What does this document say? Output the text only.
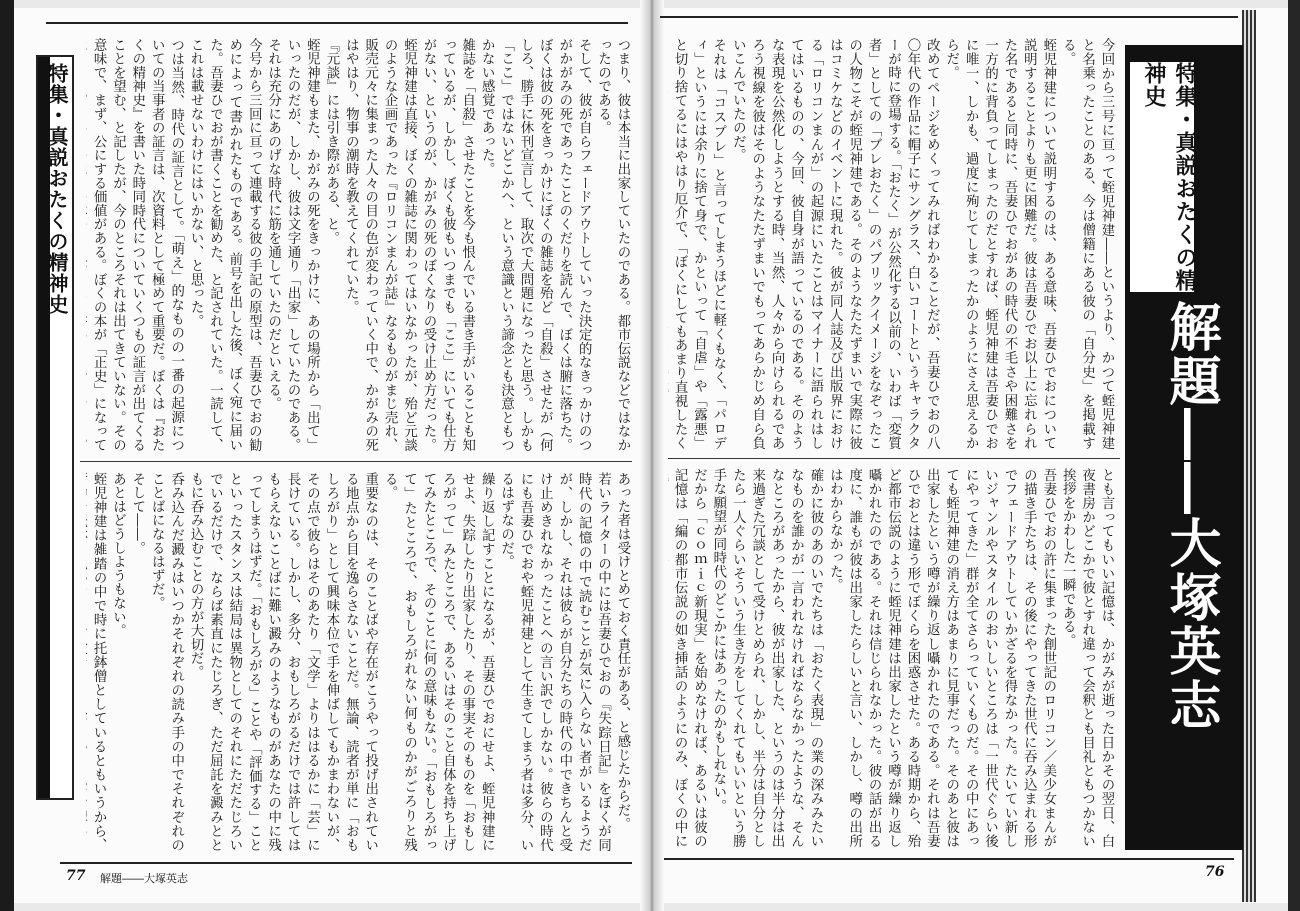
特集・真説おたくの精神史	つまり、彼は本当に出家していたのである。都市伝説などではなかったのである。
そして、彼が自らフェードアウトしていった決定的なきっかけのつがかがみの死であったことのくだりを読んで、ぼくは腑に落ちた。
ぼくは彼の死をきっかけにぼくの雑誌を殆ど「自殺」させたが（何しろ、勝手に休刊宣言して、取次で大問題になったと思う。しかも「ここ」ではないどこかへ、という意識という諦念とも決意ともつかない感覚であった。
雑誌を「自殺」させたことを今も恨んでいる書き手がいることも知っているが、しかし、ぼくも彼もいつまでも「ここ」にいても仕方がない、というのが、かがみの死のぼくなりの受け止め方だった。
蛭児神建は直接、ぼくの雑誌に関わってはいなかったが、殆ど元談のような企画であった『ロリコンまんが誌』なるものがまじ売れ、販売元々に集まった人々の目の色が変わっていく中で、かがみの死はやはり、物事の潮時を教えてくれていた。
『元談』には引き際がある、と。
蛭児神建もまた、かがみの死をきっかけに、あの場所から「出て」いったのだが、しかし、彼は文字通り「出家」していたのである。それは充分にあのげな時代に筋を通していたのだといえる。
今号から三回に亘って連載する彼の手記の原型は、吾妻ひでおの勧めによって書かれたものである。前号を出した後、ぼく宛に届いた。吾妻ひでおが書くことを勧めた、と記されていた。一読して、これは載せないわけにはいかない、と思った。
つは当然、時代の証言として。「萌え」的なものの一番の起源についての当事者の証言は、次資料として極めて重要だ。ぼくは『おたくの精神史』を書いた時同時代についていくつもの証言が出てくることを望む、と記したが、今のところそれは出てきていない。その意味で、まず、公にする価値がある。ぼくの本が「正史」になって

あった者は受けとめておく責任がある、と感じたからだ。
若いライターの中には吾妻ひでおの『失踪日記』をぼくが同時代の記憶の中で読むことが気に入らない者がいるようだが、しかし、それは彼らが自分たちの時代の中できちんと受け止めきれなかったことへの言い訳でしかない。彼らの時代にも吾妻ひでおや蛭児神建として生きてしまう者は多分、いるはずなのだ。
繰り返し記すことになるが、吾妻ひでおにせよ、蛭児神建にせよ、失踪したり出家したり、その事実そのものを「おもしろがって」みたところで、あるいはそのこと自体を持ち上げてみたところで、そのことに何の意味もない。「おもしろがって」たところで、おもしろがれない何ものかがごろりと残る。
重要なのは、そのことばや存在がこうやって投げ出されている地点から目を逸らさないことだ。無論、読者が単に「おもしろがり」として興味本位で手を伸ばしてもかまわないが、その点で彼らはそのあたり「文学」よりははるかに「芸」に長けている。しかし、多分、おもしろがるだけでは許してはもらえないことばに難い澱みのようなものがあなたの中に残ってしまうはずだ。「おもしろがる」ことや「評価する」ことといったスタンスは結局は異物としてのそれにただたじろいでいるだけで、ならば素直にたじろぎ、ただ屈託を澱みとともに呑み込むことの方が大切だ。
呑み込んだ澱みはいつかそれぞれの読み手の中でそれぞれのことばになるはずだ。
そして――。
あとはどうしようもない。
蛭児神建は雑踏の中で時に托鉢僧としているともいうから、

77 解題――大塚英志
今回から三号に亘って蛭児神建――というより、かつて蛭児神建と名乗ったことのある、今は僧籍にある彼の「自分史」を掲載する。
蛭児神建について説明するのは、ある意味、吾妻ひでおについて説明することよりも更に困難だ。彼は吾妻ひでお以上に忘れられた名であると同時に、吾妻ひでおがあの時代の不毛さや困難さを一方的に背負ってしまったのだとすれば、蛭児神建は吾妻ひでおに唯一、しかも、過度に殉じてしまったかのようにさえ思えるからだ。
改めてページをめくってみればわかることだが、吾妻ひでおの八〇年代の作品に帽子にサングラス、白いコートというキャラクターが時に登場する。「おたく」が公然化する以前の、いわば「変質者」としての「ブレおたく」のパブリックイメージをなぞったこの人物こそが蛭児神建である。そのようなたたずまいで実際に彼はコミケなどのイベントに現れた。彼が同人誌及び出版界における「ロリコンまんが」の起源にいたことはマイナーに語られはしてはいるものの、今回、彼自身が語っているのである。そのような表現を公然化しようとする時、当然、人々から向けられるであろう視線を彼はそのようなたたずまいでもってあらかじめ自ら負いこんでいたのだ。
それは「コスプレ」と言ってしまうほどに軽くもなく、「パロディ」というには余りに捨て身で、かといって「自虐」や「露悪」と切り捨てるにはやはり厄介で、「ぼくにしてもあまり直視したく
とも言ってもいい記憶は、かがみが逝った日かその翌日、白夜書房かどこかで彼とすれ違って会釈とも目礼ともつかない挨拶をかわした一瞬である。
吾妻ひでおの許に集まった創世記のロリコン／美少女まんがの描き手たちは、その後にやってきた世代に吞み込まれる形でフェードアウトしていかざるを得なかった。たいてい新しいジャンルやスタイルのおいしいところは「一世代ぐらい後にやってきた」群が全てさらっていくものだ。その中にあっても蛭児神建の消え方はあまりに見事だった。そのあと彼は出家したという噂が繰り返し囁かれたのである。それは吾妻ひでおとは違う形でぼくらを困惑させた。ある時期から、殆ど都市伝説のように蛭児神建は出家したという噂が繰り返し囁かれたのである。それは信じられなかった。彼の話が出る度に、誰もが彼は出家したらしいと言い、しかし、噂の出所はわからなかった。
確かに彼のあのいでたちは「おたく表現」の業の深みみたいなものを誰かが一言われなければならなかったような、そんなところがあったから、彼が出家した、というのは半分は出来過ぎた冗談として受けとめられ、しかし、半分は自分としたら一人ぐらいそういう生き方をしてくれてもいいという勝手な願望が同時代のどこかにはあったのかもしれない。
だから「ｃｏｍｉｃ新現実」を始めなければ、あるいは彼の記憶は「編の都市伝説の如き挿話のようにのみ、ぼくの中に

特集・真説おたくの精神史
解題――大塚英志
76
